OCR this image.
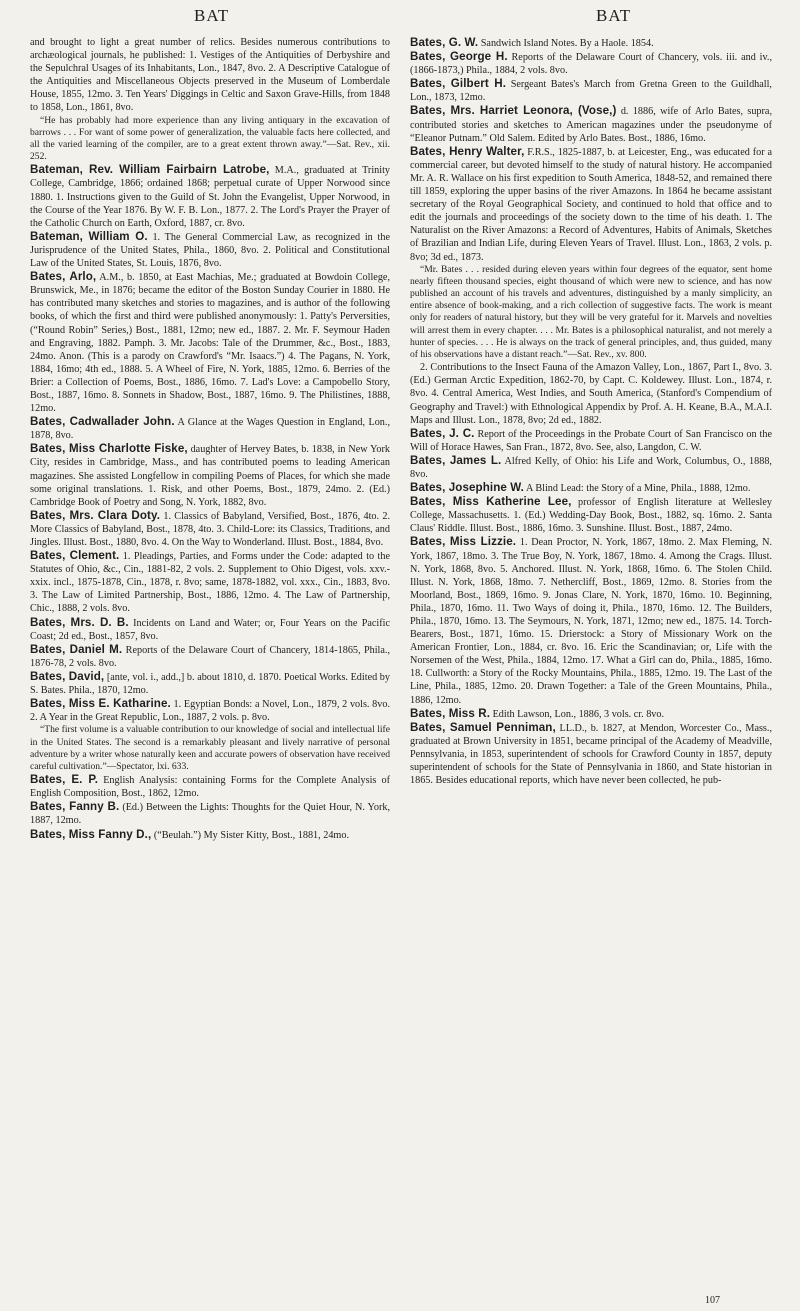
BAT	BAT

and brought to light a great number of relics. Besides numerous contributions to archæological journals, he published: 1. Vestiges of the Antiquities of Derbyshire and the Sepulchral Usages of its Inhabitants, Lon., 1847, 8vo. 2. A Descriptive Catalogue of the Antiquities and Miscellaneous Objects preserved in the Museum of Lomberdale House, 1855, 12mo. 3. Ten Years' Diggings in Celtic and Saxon Grave-Hills, from 1848 to 1858, Lon., 1861, 8vo.

“He has probably had more experience than any living antiquary in the excavation of barrows . . . For want of some power of generalization, the valuable facts here collected, and all the varied learning of the compiler, are to a great extent thrown away.”—Sat. Rev., xii. 252.

Bateman, Rev. William Fairbairn Latrobe, M.A., graduated at Trinity College, Cambridge, 1866; ordained 1868; perpetual curate of Upper Norwood since 1880. 1. Instructions given to the Guild of St. John the Evangelist, Upper Norwood, in the Course of the Year 1876. By W. F. B. Lon., 1877. 2. The Lord's Prayer the Prayer of the Catholic Church on Earth, Oxford, 1887, cr. 8vo.

Bateman, William O. 1. The General Commercial Law, as recognized in the Jurisprudence of the United States, Phila., 1860, 8vo. 2. Political and Constitutional Law of the United States, St. Louis, 1876, 8vo.

Bates, Arlo, A.M., b. 1850, at East Machias, Me.; graduated at Bowdoin College, Brunswick, Me., in 1876; became the editor of the Boston Sunday Courier in 1880. He has contributed many sketches and stories to magazines, and is author of the following books, of which the first and third were published anonymously: 1. Patty's Perversities, (“Round Robin” Series,) Bost., 1881, 12mo; new ed., 1887. 2. Mr. F. Seymour Haden and Engraving, 1882. Pamph. 3. Mr. Jacobs: Tale of the Drummer, &c., Bost., 1883, 24mo. Anon. (This is a parody on Crawford's “Mr. Isaacs.”) 4. The Pagans, N. York, 1884, 16mo; 4th ed., 1888. 5. A Wheel of Fire, N. York, 1885, 12mo. 6. Berries of the Brier: a Collection of Poems, Bost., 1886, 16mo. 7. Lad's Love: a Campobello Story, Bost., 1887, 16mo. 8. Sonnets in Shadow, Bost., 1887, 16mo. 9. The Philistines, 1888, 12mo.

Bates, Cadwallader John. A Glance at the Wages Question in England, Lon., 1878, 8vo.

Bates, Miss Charlotte Fiske, daughter of Hervey Bates, b. 1838, in New York City, resides in Cambridge, Mass., and has contributed poems to leading American magazines. She assisted Longfellow in compiling Poems of Places, for which she made some original translations. 1. Risk, and other Poems, Bost., 1879, 24mo. 2. (Ed.) Cambridge Book of Poetry and Song, N. York, 1882, 8vo.

Bates, Mrs. Clara Doty. 1. Classics of Babyland, Versified, Bost., 1876, 4to. 2. More Classics of Babyland, Bost., 1878, 4to. 3. Child-Lore: its Classics, Traditions, and Jingles. Illust. Bost., 1880, 8vo. 4. On the Way to Wonderland. Illust. Bost., 1884, 8vo.

Bates, Clement. 1. Pleadings, Parties, and Forms under the Code: adapted to the Statutes of Ohio, &c., Cin., 1881-82, 2 vols. 2. Supplement to Ohio Digest, vols. xxv.-xxix. incl., 1875-1878, Cin., 1878, r. 8vo; same, 1878-1882, vol. xxx., Cin., 1883, 8vo. 3. The Law of Limited Partnership, Bost., 1886, 12mo. 4. The Law of Partnership, Chic., 1888, 2 vols. 8vo.

Bates, Mrs. D. B. Incidents on Land and Water; or, Four Years on the Pacific Coast; 2d ed., Bost., 1857, 8vo.

Bates, Daniel M. Reports of the Delaware Court of Chancery, 1814-1865, Phila., 1876-78, 2 vols. 8vo.

Bates, David, [ante, vol. i., add.,] b. about 1810, d. 1870. Poetical Works. Edited by S. Bates. Phila., 1870, 12mo.

Bates, Miss E. Katharine. 1. Egyptian Bonds: a Novel, Lon., 1879, 2 vols. 8vo. 2. A Year in the Great Republic, Lon., 1887, 2 vols. p. 8vo.

“The first volume is a valuable contribution to our knowledge of social and intellectual life in the United States. The second is a remarkably pleasant and lively narrative of personal adventure by a writer whose naturally keen and accurate powers of observation have received careful cultivation.”—Spectator, lxi. 633.

Bates, E. P. English Analysis: containing Forms for the Complete Analysis of English Composition, Bost., 1862, 12mo.

Bates, Fanny B. (Ed.) Between the Lights: Thoughts for the Quiet Hour, N. York, 1887, 12mo.

Bates, Miss Fanny D., (“Beulah.”) My Sister Kitty, Bost., 1881, 24mo.

Bates, G. W. Sandwich Island Notes. By a Haole. 1854.

Bates, George H. Reports of the Delaware Court of Chancery, vols. iii. and iv., (1866-1873,) Phila., 1884, 2 vols. 8vo.

Bates, Gilbert H. Sergeant Bates's March from Gretna Green to the Guildhall, Lon., 1873, 12mo.

Bates, Mrs. Harriet Leonora, (Vose,) d. 1886, wife of Arlo Bates, supra, contributed stories and sketches to American magazines under the pseudonyme of “Eleanor Putnam.” Old Salem. Edited by Arlo Bates. Bost., 1886, 16mo.

Bates, Henry Walter, F.R.S., 1825-1887, b. at Leicester, Eng., was educated for a commercial career, but devoted himself to the study of natural history. He accompanied Mr. A. R. Wallace on his first expedition to South America, 1848-52, and remained there till 1859, exploring the upper basins of the river Amazons. In 1864 he became assistant secretary of the Royal Geographical Society, and continued to hold that office and to edit the journals and proceedings of the society down to the time of his death. 1. The Naturalist on the River Amazons: a Record of Adventures, Habits of Animals, Sketches of Brazilian and Indian Life, during Eleven Years of Travel. Illust. Lon., 1863, 2 vols. p. 8vo; 3d ed., 1873.

“Mr. Bates . . . resided during eleven years within four degrees of the equator, sent home nearly fifteen thousand species, eight thousand of which were new to science, and has now published an account of his travels and adventures, distinguished by a manly simplicity, an entire absence of book-making, and a rich collection of suggestive facts. The work is meant only for readers of natural history, but they will be very grateful for it. Marvels and novelties will arrest them in every chapter. . . . Mr. Bates is a philosophical naturalist, and not merely a hunter of species. . . . He is always on the track of general principles, and, thus guided, many of his observations have a distant reach.”—Sat. Rev., xv. 800.

2. Contributions to the Insect Fauna of the Amazon Valley, Lon., 1867, Part I., 8vo. 3. (Ed.) German Arctic Expedition, 1862-70, by Capt. C. Koldewey. Illust. Lon., 1874, r. 8vo. 4. Central America, West Indies, and South America, (Stanford's Compendium of Geography and Travel:) with Ethnological Appendix by Prof. A. H. Keane, B.A., M.A.I. Maps and Illust. Lon., 1878, 8vo; 2d ed., 1882.

Bates, J. C. Report of the Proceedings in the Probate Court of San Francisco on the Will of Horace Hawes, San Fran., 1872, 8vo. See, also, Langdon, C. W.

Bates, James L. Alfred Kelly, of Ohio: his Life and Work, Columbus, O., 1888, 8vo.

Bates, Josephine W. A Blind Lead: the Story of a Mine, Phila., 1888, 12mo.

Bates, Miss Katherine Lee, professor of English literature at Wellesley College, Massachusetts. 1. (Ed.) Wedding-Day Book, Bost., 1882, sq. 16mo. 2. Santa Claus' Riddle. Illust. Bost., 1886, 16mo. 3. Sunshine. Illust. Bost., 1887, 24mo.

Bates, Miss Lizzie. 1. Dean Proctor, N. York, 1867, 18mo. 2. Max Fleming, N. York, 1867, 18mo. 3. The True Boy, N. York, 1867, 18mo. 4. Among the Crags. Illust. N. York, 1868, 8vo. 5. Anchored. Illust. N. York, 1868, 16mo. 6. The Stolen Child. Illust. N. York, 1868, 18mo. 7. Nethercliff, Bost., 1869, 12mo. 8. Stories from the Moorland, Bost., 1869, 16mo. 9. Jonas Clare, N. York, 1870, 16mo. 10. Beginning, Phila., 1870, 16mo. 11. Two Ways of doing it, Phila., 1870, 16mo. 12. The Builders, Phila., 1870, 16mo. 13. The Seymours, N. York, 1871, 12mo; new ed., 1875. 14. Torch-Bearers, Bost., 1871, 16mo. 15. Drierstock: a Story of Missionary Work on the American Frontier, Lon., 1884, cr. 8vo. 16. Eric the Scandinavian; or, Life with the Norsemen of the West, Phila., 1884, 12mo. 17. What a Girl can do, Phila., 1885, 16mo. 18. Cullworth: a Story of the Rocky Mountains, Phila., 1885, 12mo. 19. The Last of the Line, Phila., 1885, 12mo. 20. Drawn Together: a Tale of the Green Mountains, Phila., 1886, 12mo.

Bates, Miss R. Edith Lawson, Lon., 1886, 3 vols. cr. 8vo.

Bates, Samuel Penniman, LL.D., b. 1827, at Mendon, Worcester Co., Mass., graduated at Brown University in 1851, became principal of the Academy of Meadville, Pennsylvania, in 1853, superintendent of schools for Crawford County in 1857, deputy superintendent of schools for the State of Pennsylvania in 1860, and State historian in 1865. Besides educational reports, which have never been collected, he pub-

107
